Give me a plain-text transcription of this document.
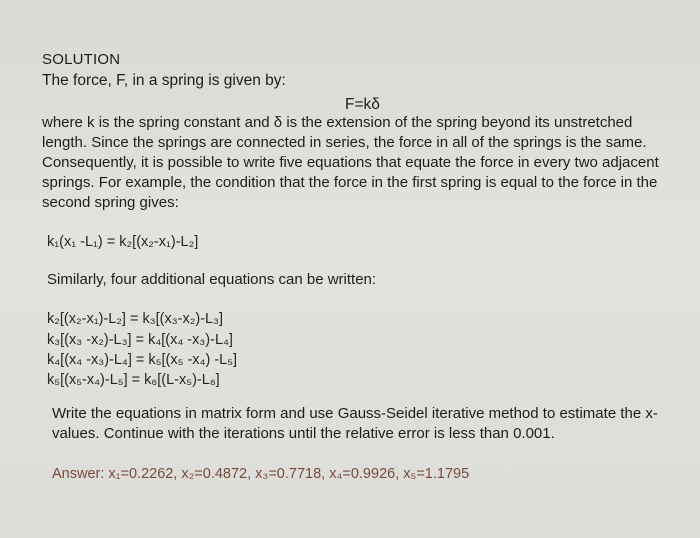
SOLUTION
The force, F, in a spring is given by:
F=kδ
where k is the spring constant and δ is the extension of the spring beyond its unstretched
length. Since the springs are connected in series, the force in all of the springs is the same.
Consequently, it is possible to write five equations that equate the force in every two adjacent
springs. For example, the condition that the force in the first spring is equal to the force in the
second spring gives:
k₁(x₁ -L₁) = k₂[(x₂-x₁)-L₂]
Similarly, four additional equations can be written:
k₂[(x₂-x₁)-L₂] = k₃[(x₃-x₂)-L₃]
k₃[(x₃ -x₂)-L₃] = k₄[(x₄ -x₃)-L₄]
k₄[(x₄ -x₃)-L₄] = k₅[(x₅ -x₄) -L₅]
k₅[(x₅-x₄)-L₅] = k₆[(L-x₅)-L₆]
Write the equations in matrix form and use Gauss-Seidel iterative method to estimate the x-
values. Continue with the iterations until the relative error is less than 0.001.
Answer: x₁=0.2262, x₂=0.4872, x₃=0.7718, x₄=0.9926, x₅=1.1795
